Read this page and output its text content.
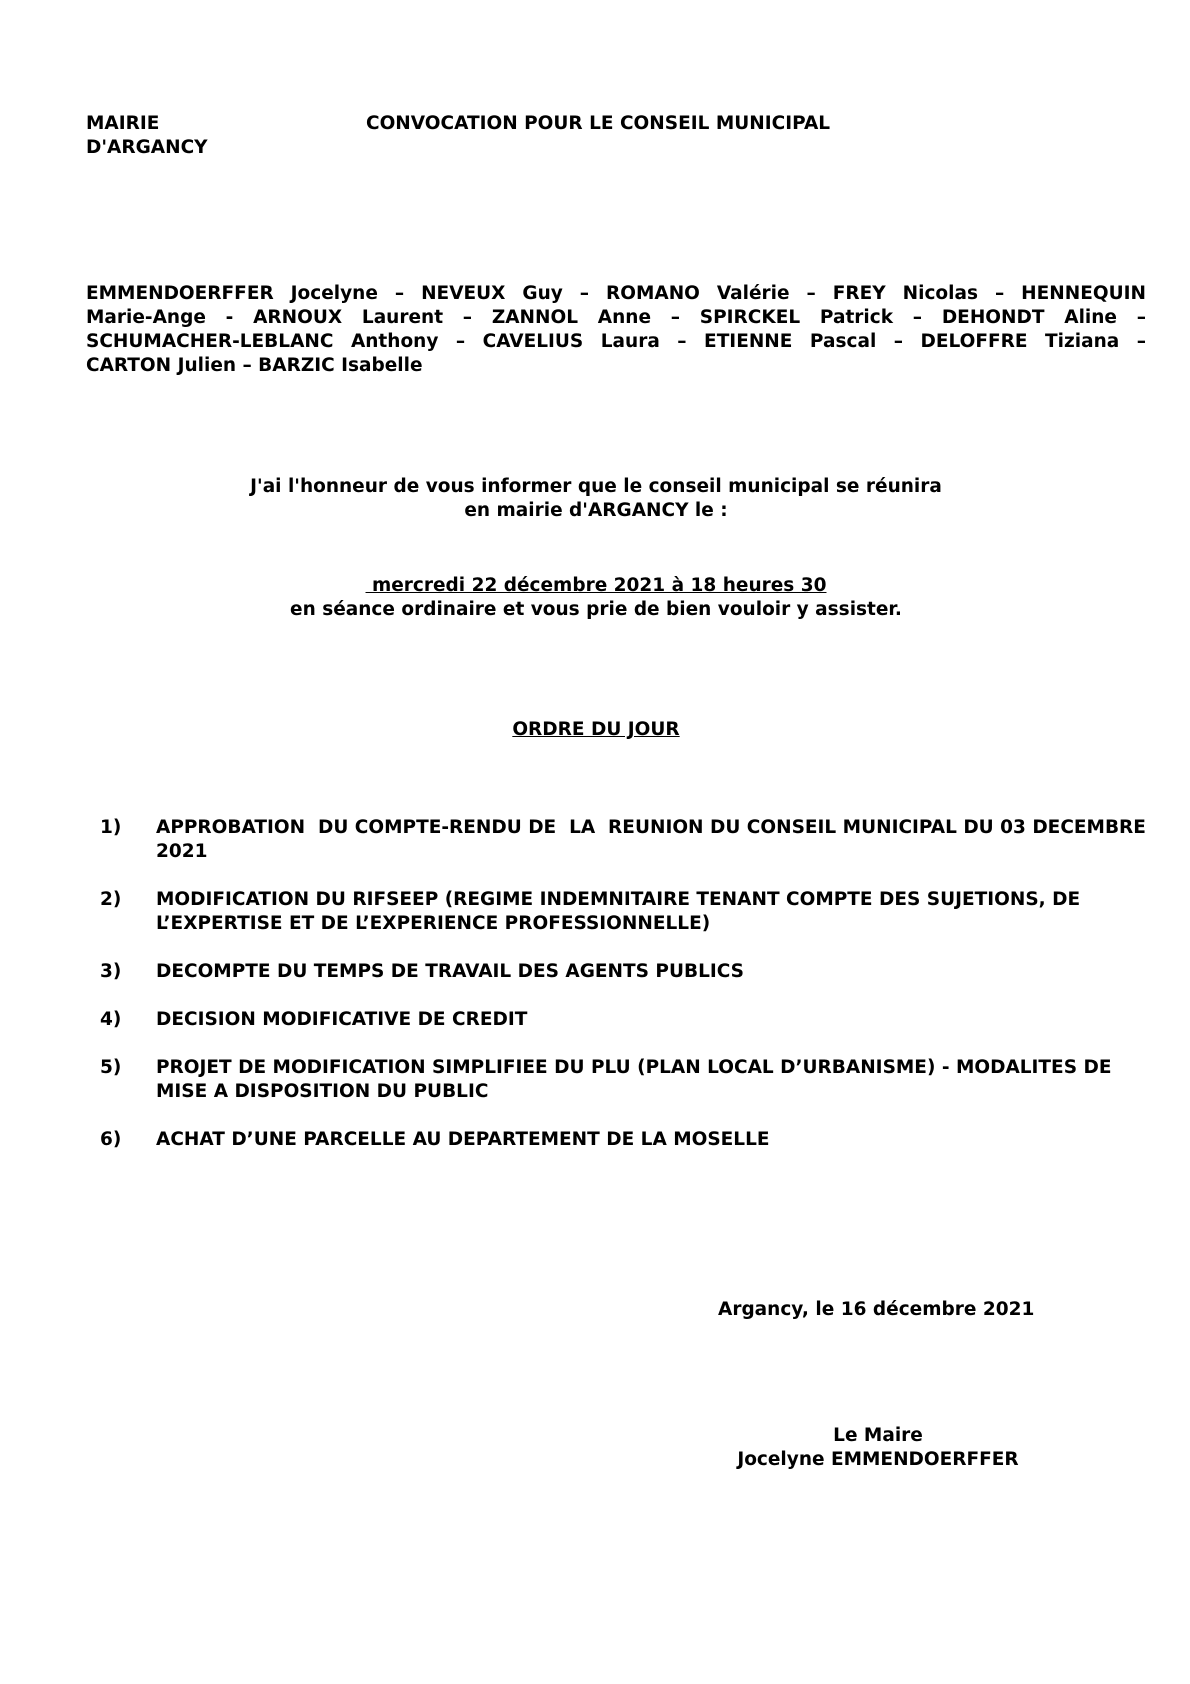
MAIRIE
D'ARGANCY
CONVOCATION POUR LE CONSEIL MUNICIPAL
EMMENDOERFFER Jocelyne – NEVEUX Guy – ROMANO Valérie – FREY Nicolas – HENNEQUIN
Marie-Ange - ARNOUX Laurent – ZANNOL Anne – SPIRCKEL Patrick – DEHONDT Aline –
SCHUMACHER-LEBLANC Anthony – CAVELIUS Laura – ETIENNE Pascal – DELOFFRE Tiziana –
CARTON Julien – BARZIC Isabelle
J'ai l'honneur de vous informer que le conseil municipal se réunira
en mairie d'ARGANCY le :
mercredi 22 décembre 2021 à 18 heures 30
en séance ordinaire et vous prie de bien vouloir y assister.
ORDRE DU JOUR
1)	APPROBATION  DU COMPTE-RENDU DE  LA  REUNION DU CONSEIL MUNICIPAL DU 03 DECEMBRE 2021
2)	MODIFICATION DU RIFSEEP (REGIME INDEMNITAIRE TENANT COMPTE DES SUJETIONS, DE L’EXPERTISE ET DE L’EXPERIENCE PROFESSIONNELLE)
3)	DECOMPTE DU TEMPS DE TRAVAIL DES AGENTS PUBLICS
4)	DECISION MODIFICATIVE DE CREDIT
5)	PROJET DE MODIFICATION SIMPLIFIEE DU PLU (PLAN LOCAL D’URBANISME) - MODALITES DE MISE A DISPOSITION DU PUBLIC
6)	ACHAT D’UNE PARCELLE AU DEPARTEMENT DE LA MOSELLE
Argancy, le 16 décembre 2021
Le Maire
Jocelyne EMMENDOERFFER
